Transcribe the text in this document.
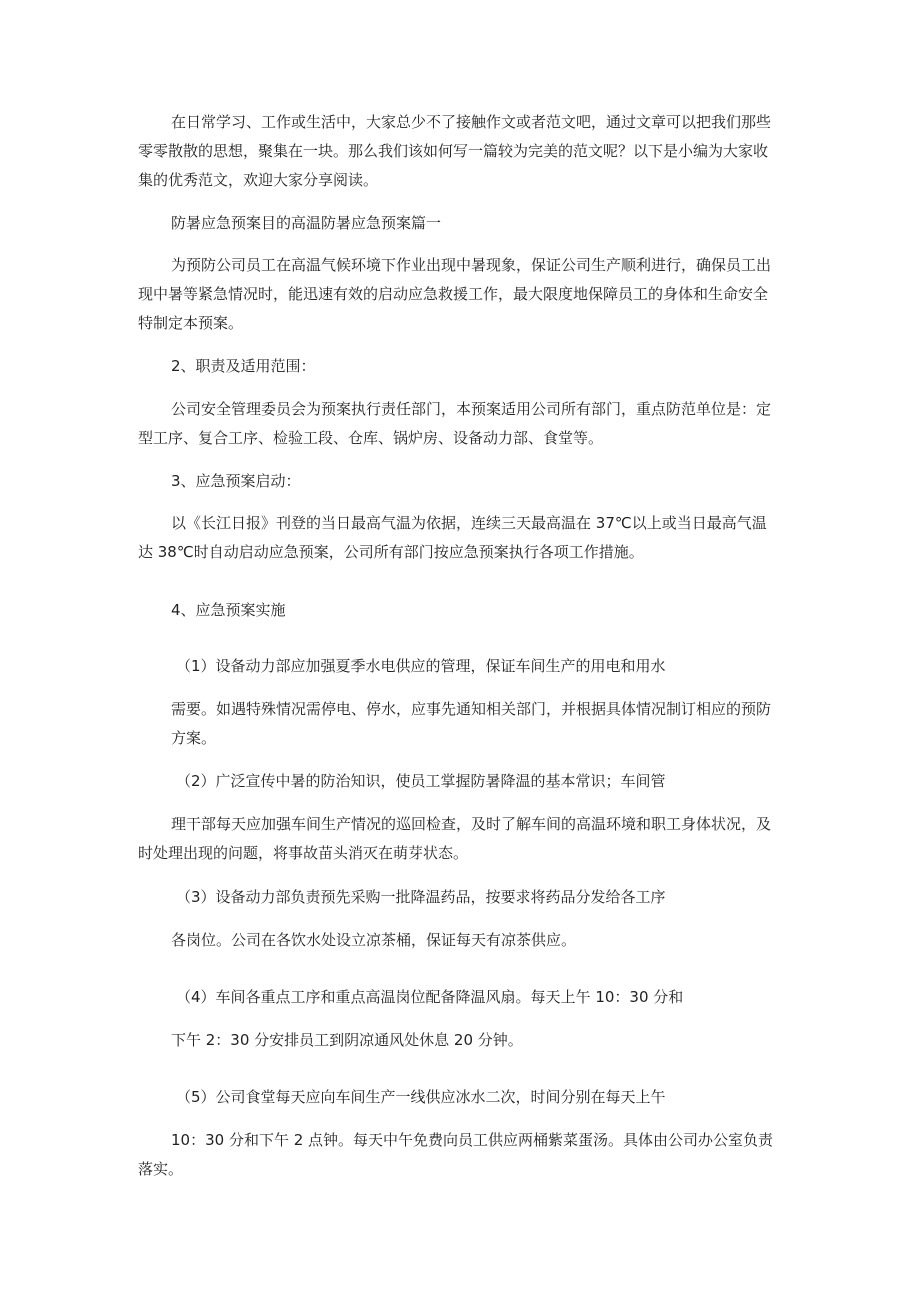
在日常学习、工作或生活中，大家总少不了接触作文或者范文吧，通过文章可以把我们那些
零零散散的思想，聚集在一块。那么我们该如何写一篇较为完美的范文呢？以下是小编为大家收
集的优秀范文，欢迎大家分享阅读。

防暑应急预案目的高温防暑应急预案篇一

为预防公司员工在高温气候环境下作业出现中暑现象，保证公司生产顺利进行，确保员工出
现中暑等紧急情况时，能迅速有效的启动应急救援工作，最大限度地保障员工的身体和生命安全
特制定本预案。

2、职责及适用范围：

公司安全管理委员会为预案执行责任部门，本预案适用公司所有部门，重点防范单位是：定
型工序、复合工序、检验工段、仓库、锅炉房、设备动力部、食堂等。

3、应急预案启动：

以《长江日报》刊登的当日最高气温为依据，连续三天最高温在 37℃以上或当日最高气温
达 38℃时自动启动应急预案，公司所有部门按应急预案执行各项工作措施。

4、应急预案实施

（1）设备动力部应加强夏季水电供应的管理，保证车间生产的用电和用水

需要。如遇特殊情况需停电、停水，应事先通知相关部门，并根据具体情况制订相应的预防
方案。

（2）广泛宣传中暑的防治知识，使员工掌握防暑降温的基本常识；车间管

理干部每天应加强车间生产情况的巡回检查，及时了解车间的高温环境和职工身体状况，及
时处理出现的问题，将事故苗头消灭在萌芽状态。

（3）设备动力部负责预先采购一批降温药品，按要求将药品分发给各工序

各岗位。公司在各饮水处设立凉茶桶，保证每天有凉茶供应。

（4）车间各重点工序和重点高温岗位配备降温风扇。每天上午 10：30 分和

下午 2：30 分安排员工到阴凉通风处休息 20 分钟。

（5）公司食堂每天应向车间生产一线供应冰水二次，时间分别在每天上午

10：30 分和下午 2 点钟。每天中午免费向员工供应两桶紫菜蛋汤。具体由公司办公室负责
落实。
